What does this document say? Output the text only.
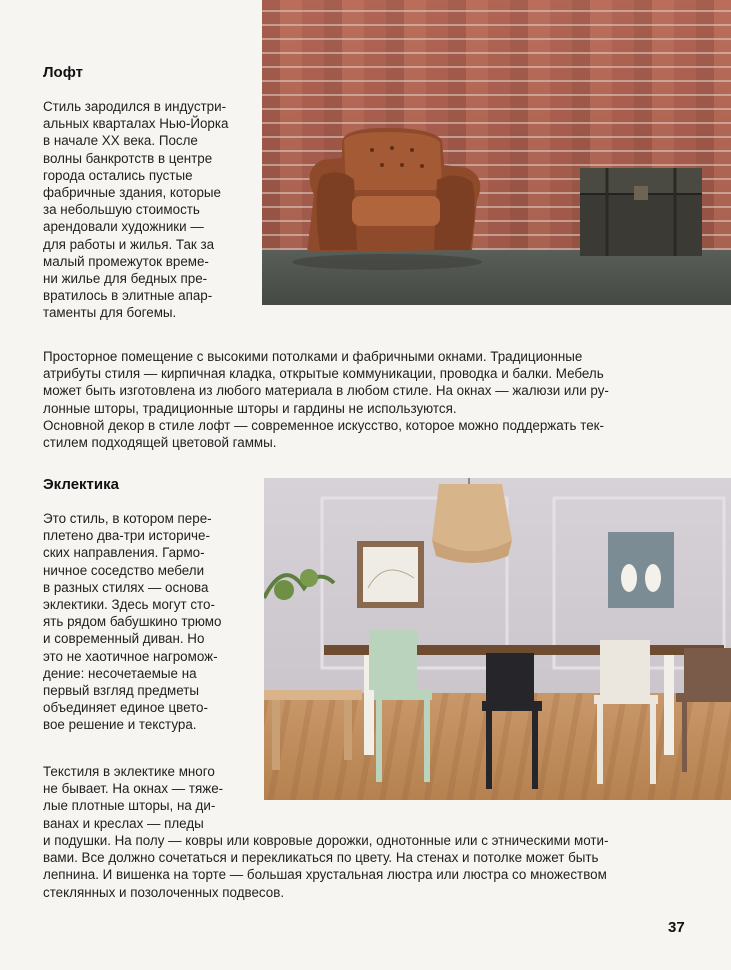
Лофт
Стиль зародился в индустри-
альных кварталах Нью-Йорка
в начале XX века. После
волны банкротств в центре
города остались пустые
фабричные здания, которые
за небольшую стоимость
арендовали художники —
для работы и жилья. Так за
малый промежуток време-
ни жилье для бедных пре-
вратилось в элитные апар-
таменты для богемы.
Просторное помещение с высокими потолками и фабричными окнами. Традиционные
атрибуты стиля — кирпичная кладка, открытые коммуникации, проводка и балки. Мебель
может быть изготовлена из любого материала в любом стиле. На окнах — жалюзи или ру-
лонные шторы, традиционные шторы и гардины не используются.
Основной декор в стиле лофт — современное искусство, которое можно поддержать тек-
стилем подходящей цветовой гаммы.
Эклектика
Это стиль, в котором пере-
плетено два-три историче-
ских направления. Гармо-
ничное соседство мебели
в разных стилях — основа
эклектики. Здесь могут сто-
ять рядом бабушкино трюмо
и современный диван. Но
это не хаотичное нагромож-
дение: несочетаемые на
первый взгляд предметы
объединяет единое цвето-
вое решение и текстура.
Текстиля в эклектике много
не бывает. На окнах — тяже-
лые плотные шторы, на ди-
ванах и креслах — пледы
и подушки. На полу — ковры или ковровые дорожки, однотонные или с этническими моти-
вами. Все должно сочетаться и перекликаться по цвету. На стенах и потолке может быть
лепнина. И вишенка на торте — большая хрустальная люстра или люстра со множеством
стеклянных и позолоченных подвесов.
37
